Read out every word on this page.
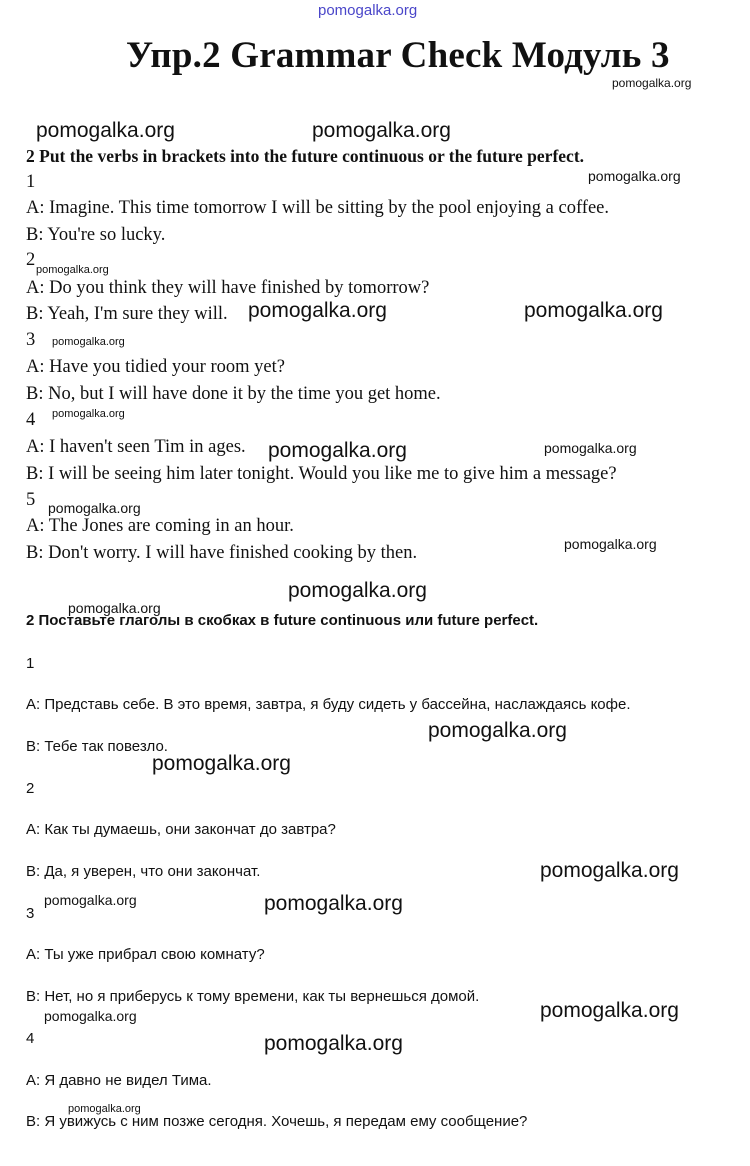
pomogalka.org
Упр.2 Grammar Check Модуль 3
pomogalka.org
pomogalka.org	pomogalka.org
2 Put the verbs in brackets into the future continuous or the future perfect.
1	pomogalka.org
A: Imagine. This time tomorrow I will be sitting by the pool enjoying a coffee.
B: You're so lucky.
2 pomogalka.org
A: Do you think they will have finished by tomorrow?
B: Yeah, I'm sure they will. pomogalka.org	pomogalka.org
3 pomogalka.org
A: Have you tidied your room yet?
B: No, but I will have done it by the time you get home.
4 pomogalka.org
A: I haven't seen Tim in ages. pomogalka.org	pomogalka.org
B: I will be seeing him later tonight. Would you like me to give him a message?
5 pomogalka.org
A: The Jones are coming in an hour.
B: Don't worry. I will have finished cooking by then.	pomogalka.org
pomogalka.org
pomogalka.org
2 Поставьте глаголы в скобках в future continuous или future perfect.
1
A: Представь себе. В это время, завтра, я буду сидеть у бассейна, наслаждаясь кофе.
pomogalka.org
B: Тебе так повезло.
pomogalka.org
2
A: Как ты думаешь, они закончат до завтра?
B: Да, я уверен, что они закончат.	pomogalka.org
pomogalka.org	pomogalka.org
3
A: Ты уже прибрал свою комнату?
B: Нет, но я приберусь к тому времени, как ты вернешься домой.
pomogalka.org
pomogalka.org
4	pomogalka.org
A: Я давно не видел Тима.
pomogalka.org
B: Я увижусь с ним позже сегодня. Хочешь, я передам ему сообщение?
